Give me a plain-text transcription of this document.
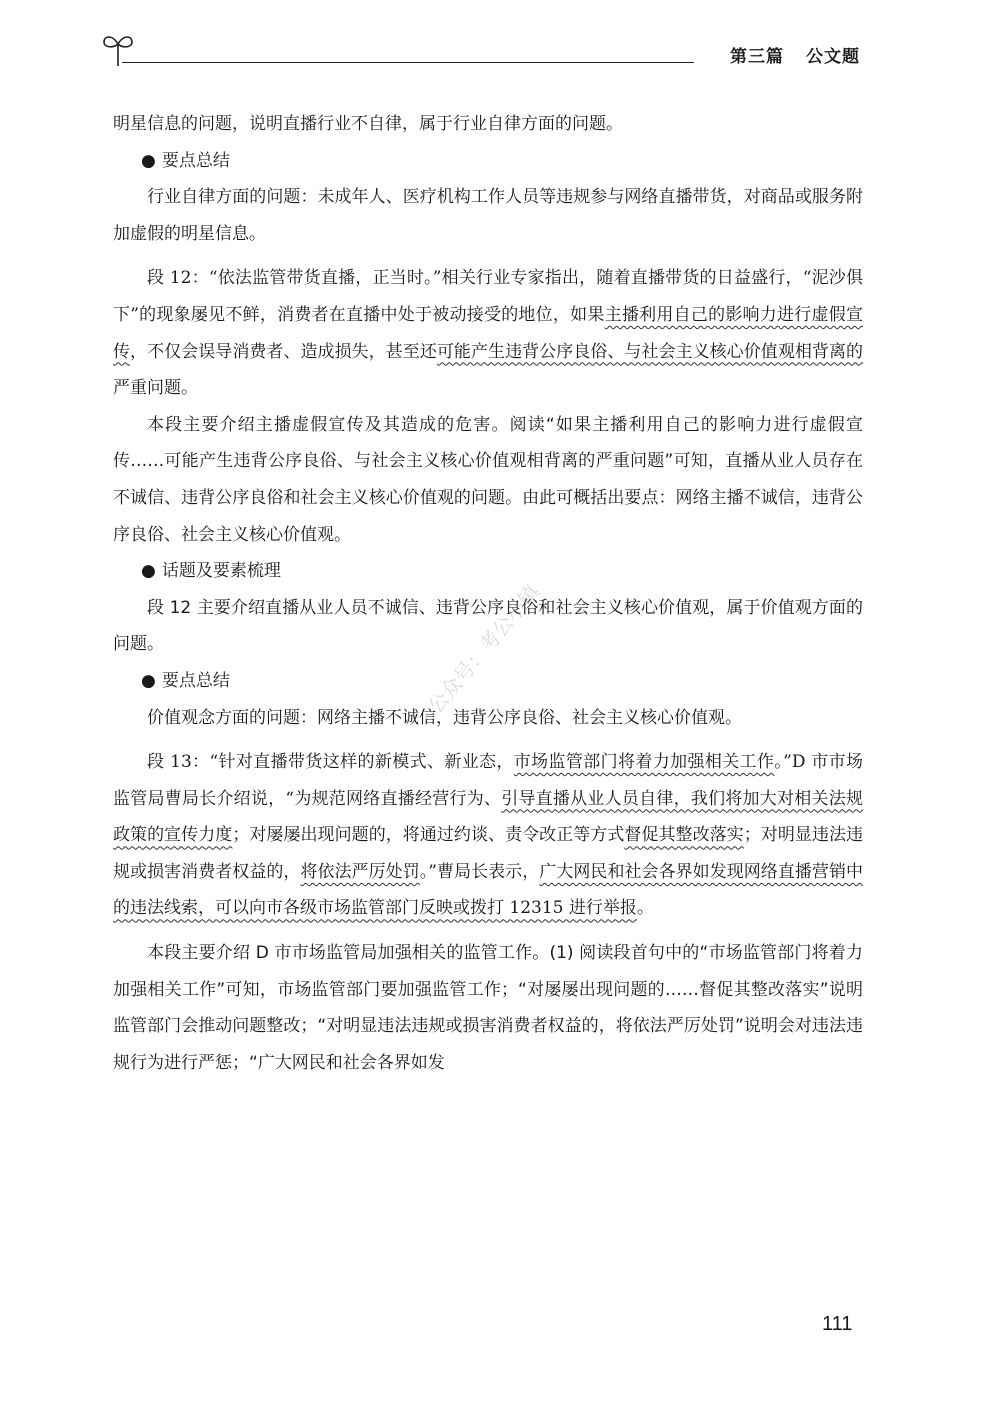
第三篇 公文题

明星信息的问题，说明直播行业不自律，属于行业自律方面的问题。

● 要点总结

行业自律方面的问题：未成年人、医疗机构工作人员等违规参与网络直播带货，对商品或服务附加虚假的明星信息。

段 12：“依法监管带货直播，正当时。”相关行业专家指出，随着直播带货的日益盛行，“泥沙俱下”的现象屡见不鲜，消费者在直播中处于被动接受的地位，如果主播利用自己的影响力进行虚假宣传，不仅会误导消费者、造成损失，甚至还可能产生违背公序良俗、与社会主义核心价值观相背离的严重问题。

本段主要介绍主播虚假宣传及其造成的危害。阅读“如果主播利用自己的影响力进行虚假宣传……可能产生违背公序良俗、与社会主义核心价值观相背离的严重问题”可知，直播从业人员存在不诚信、违背公序良俗和社会主义核心价值观的问题。由此可概括出要点：网络主播不诚信，违背公序良俗、社会主义核心价值观。

● 话题及要素梳理

段 12 主要介绍直播从业人员不诚信、违背公序良俗和社会主义核心价值观，属于价值观方面的问题。

● 要点总结

价值观念方面的问题：网络主播不诚信，违背公序良俗、社会主义核心价值观。

段 13：“针对直播带货这样的新模式、新业态，市场监管部门将着力加强相关工作。”D 市市场监管局曹局长介绍说，“为规范网络直播经营行为、引导直播从业人员自律，我们将加大对相关法规政策的宣传力度；对屡屡出现问题的，将通过约谈、责令改正等方式督促其整改落实；对明显违法违规或损害消费者权益的，将依法严厉处罚。”曹局长表示，广大网民和社会各界如发现网络直播营销中的违法线索，可以向市各级市场监管部门反映或拨打 12315 进行举报。

本段主要介绍 D 市市场监管局加强相关的监管工作。(1) 阅读段首句中的“市场监管部门将着力加强相关工作”可知，市场监管部门要加强监管工作；“对屡屡出现问题的……督促其整改落实”说明监管部门会推动问题整改；“对明显违法违规或损害消费者权益的，将依法严厉处罚”说明会对违法违规行为进行严惩；“广大网民和社会各界如发

公众号：考公小镇
111
